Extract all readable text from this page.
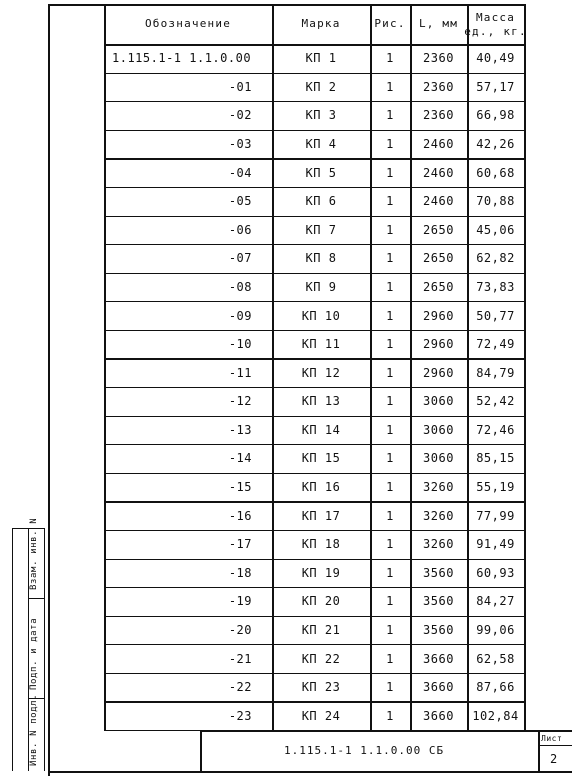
Обозначение	Марка	Рис. L, мм Масса
ед., кг.
1.115.1-1 1.1.0.00	КП 1	1 2360 40,49
-01	КП 2	1 2360 57,17
-02	КП 3	1 2360 66,98
-03	КП 4	1 2460 42,26
-04	КП 5	1 2460 60,68
-05	КП 6	1 2460 70,88
-06	КП 7	1 2650 45,06
-07	КП 8	1 2650 62,82
-08	КП 9	1 2650 73,83
-09	КП 10	1 2960 50,77
-10	КП 11	1 2960 72,49
-11	КП 12	1 2960 84,79
-12	КП 13	1 3060 52,42
-13	КП 14	1 3060 72,46
-14	КП 15	1 3060 85,15
-15	КП 16	1 3260 55,19
-16	КП 17	1 3260 77,99
-17	КП 18	1 3260 91,49
-18	КП 19	1 3560 60,93
-19	КП 20	1 3560 84,27
-20	КП 21	1 3560 99,06
-21	КП 22	1 3660 62,58
-22	КП 23	1 3660 87,66
-23	КП 24	1 3660 102,84
Инв. N подл.
Подп. и дата
Взам. инв. N
1.115.1-1 1.1.0.00 СБ
Лист
2
